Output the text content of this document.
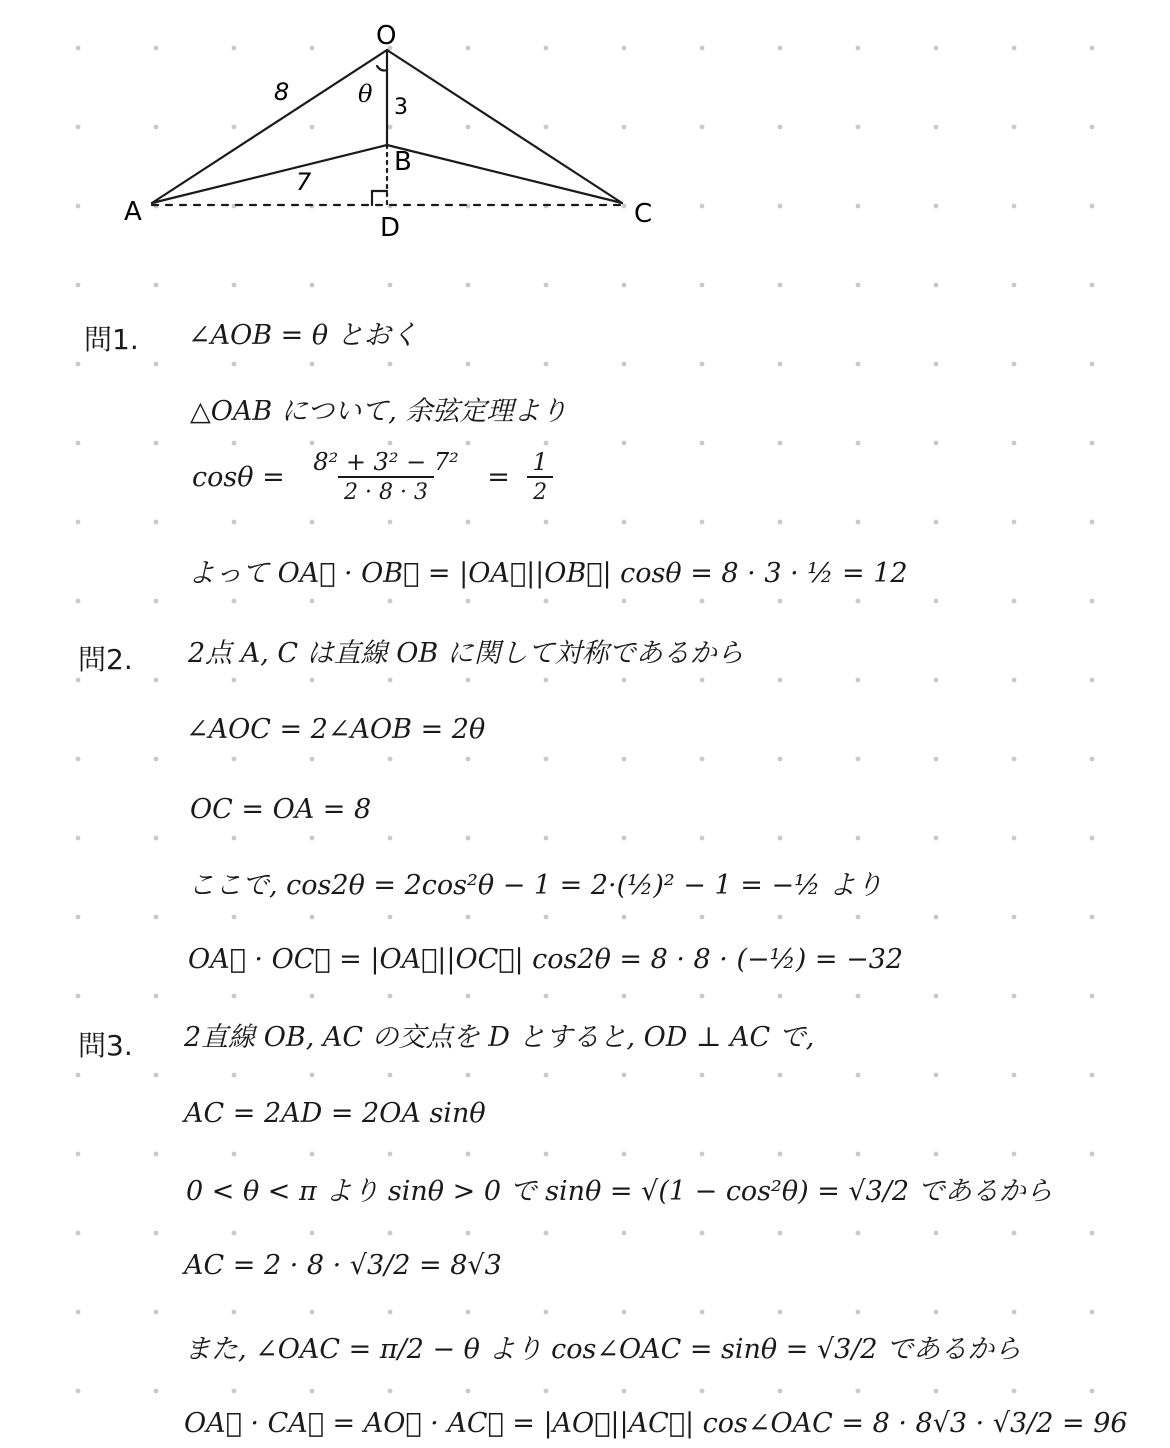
O
A
B
C
D
8
7
3
θ
問1. ∠AOB = θ とおく
△OAB について, 余弦定理より
$\cos\theta = \frac{\text{8² + 3² − 7²}}{2 \cdot 8 \cdot 3} = \frac{1}{2}$
よって OA⃗ · OB⃗ = |OA⃗||OB⃗| cosθ = 8 · 3 · ½ = 12
問2. 2点 A, C は直線 OB に関して対称であるから
∠AOC = 2∠AOB = 2θ
OC = OA = 8
ここで, cos2θ = 2cos²θ − 1 = 2·(½)² − 1 = −½ より
OA⃗ · OC⃗ = |OA⃗||OC⃗| cos2θ = 8 · 8 · (−½) = −32
問3. 2直線 OB, AC の交点を D とすると, OD ⊥ AC で,
AC = 2AD = 2OA sinθ
0 < θ < π より sinθ > 0 で sinθ = √(1 − cos²θ) = √3/2 であるから
AC = 2 · 8 · √3/2 = 8√3
また, ∠OAC = π/2 − θ より cos∠OAC = sinθ = √3/2 であるから
OA⃗ · CA⃗ = AO⃗ · AC⃗ = |AO⃗||AC⃗| cos∠OAC = 8 · 8√3 · √3/2 = 96
